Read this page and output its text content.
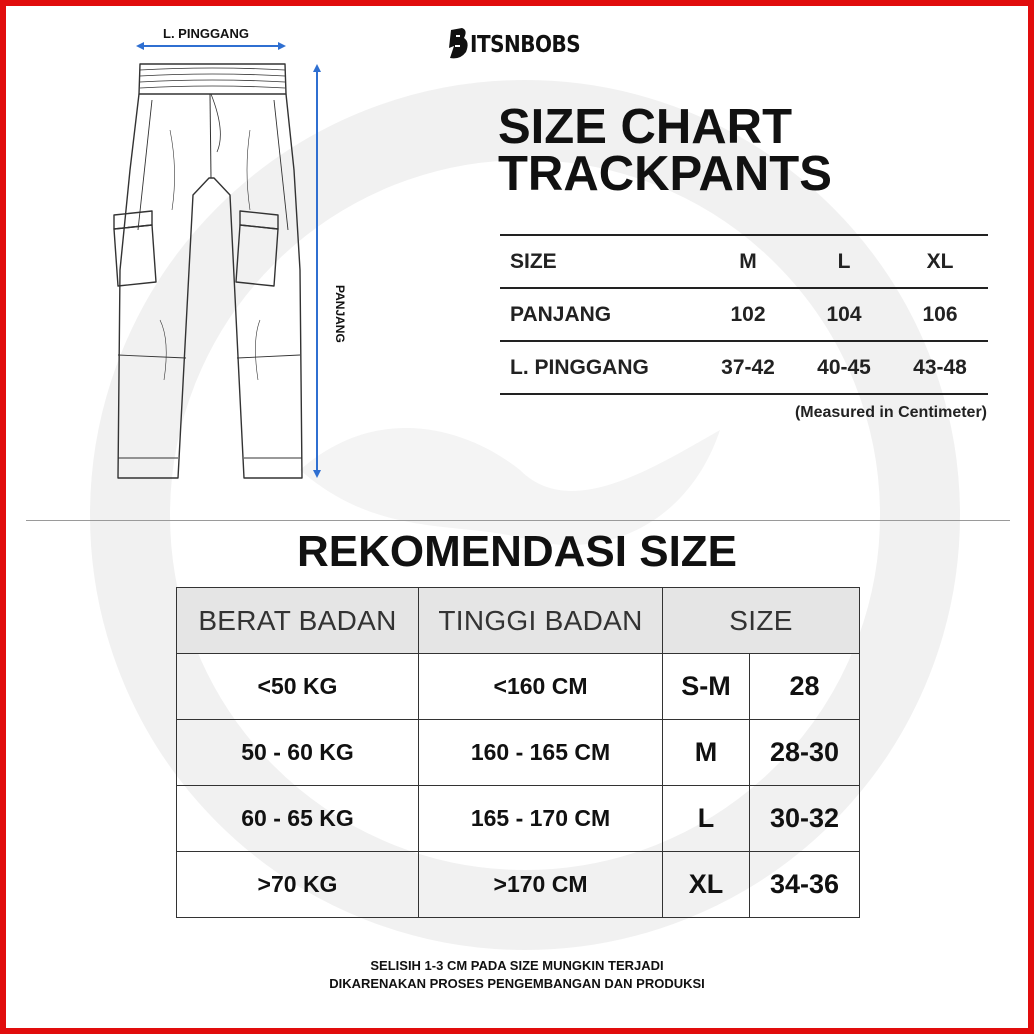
L. PINGGANG
PANJANG
ITSNBOBS
SIZE CHART
TRACKPANTS
SIZE	M	L	XL
PANJANG	102	104	106
L. PINGGANG	37-42	40-45	43-48
(Measured in Centimeter)
REKOMENDASI SIZE
BERAT BADAN	TINGGI BADAN	SIZE	
<50 KG	<160 CM	S-M	28
50 - 60 KG	160 - 165 CM	M	28-30
60 - 65 KG	165 - 170 CM	L	30-32
>70 KG	>170 CM	XL	34-36
SELISIH 1-3 CM PADA SIZE MUNGKIN TERJADI
DIKARENAKAN PROSES PENGEMBANGAN DAN PRODUKSI
